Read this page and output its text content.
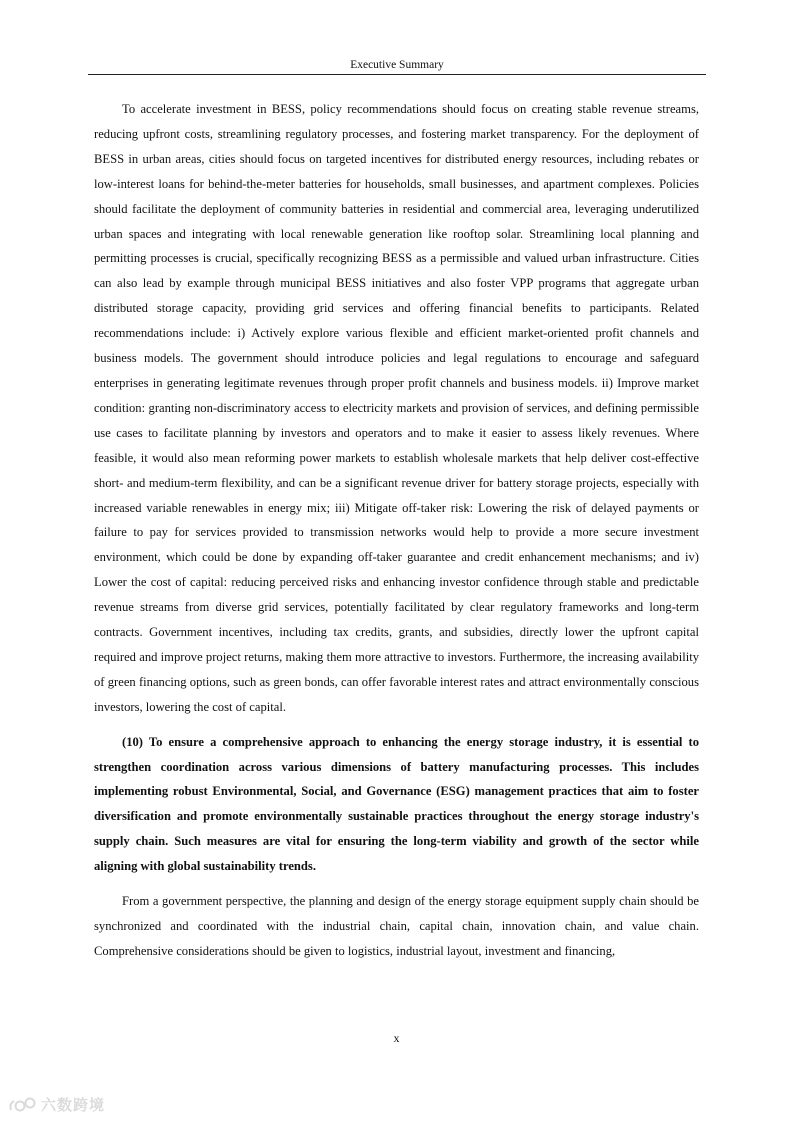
Executive Summary

To accelerate investment in BESS, policy recommendations should focus on creating stable revenue streams, reducing upfront costs, streamlining regulatory processes, and fostering market transparency. For the deployment of BESS in urban areas, cities should focus on targeted incentives for distributed energy resources, including rebates or low-interest loans for behind-the-meter batteries for households, small businesses, and apartment complexes. Policies should facilitate the deployment of community batteries in residential and commercial area, leveraging underutilized urban spaces and integrating with local renewable generation like rooftop solar. Streamlining local planning and permitting processes is crucial, specifically recognizing BESS as a permissible and valued urban infrastructure. Cities can also lead by example through municipal BESS initiatives and also foster VPP programs that aggregate urban distributed storage capacity, providing grid services and offering financial benefits to participants. Related recommendations include: i) Actively explore various flexible and efficient market-oriented profit channels and business models. The government should introduce policies and legal regulations to encourage and safeguard enterprises in generating legitimate revenues through proper profit channels and business models. ii) Improve market condition: granting non-discriminatory access to electricity markets and provision of services, and defining permissible use cases to facilitate planning by investors and operators and to make it easier to assess likely revenues. Where feasible, it would also mean reforming power markets to establish wholesale markets that help deliver cost-effective short- and medium-term flexibility, and can be a significant revenue driver for battery storage projects, especially with increased variable renewables in energy mix; iii) Mitigate off-taker risk: Lowering the risk of delayed payments or failure to pay for services provided to transmission networks would help to provide a more secure investment environment, which could be done by expanding off-taker guarantee and credit enhancement mechanisms; and iv) Lower the cost of capital: reducing perceived risks and enhancing investor confidence through stable and predictable revenue streams from diverse grid services, potentially facilitated by clear regulatory frameworks and long-term contracts. Government incentives, including tax credits, grants, and subsidies, directly lower the upfront capital required and improve project returns, making them more attractive to investors. Furthermore, the increasing availability of green financing options, such as green bonds, can offer favorable interest rates and attract environmentally conscious investors, lowering the cost of capital.

(10) To ensure a comprehensive approach to enhancing the energy storage industry, it is essential to strengthen coordination across various dimensions of battery manufacturing processes. This includes implementing robust Environmental, Social, and Governance (ESG) management practices that aim to foster diversification and promote environmentally sustainable practices throughout the energy storage industry's supply chain. Such measures are vital for ensuring the long-term viability and growth of the sector while aligning with global sustainability trends.

From a government perspective, the planning and design of the energy storage equipment supply chain should be synchronized and coordinated with the industrial chain, capital chain, innovation chain, and value chain. Comprehensive considerations should be given to logistics, industrial layout, investment and financing,

x
六数跨境
